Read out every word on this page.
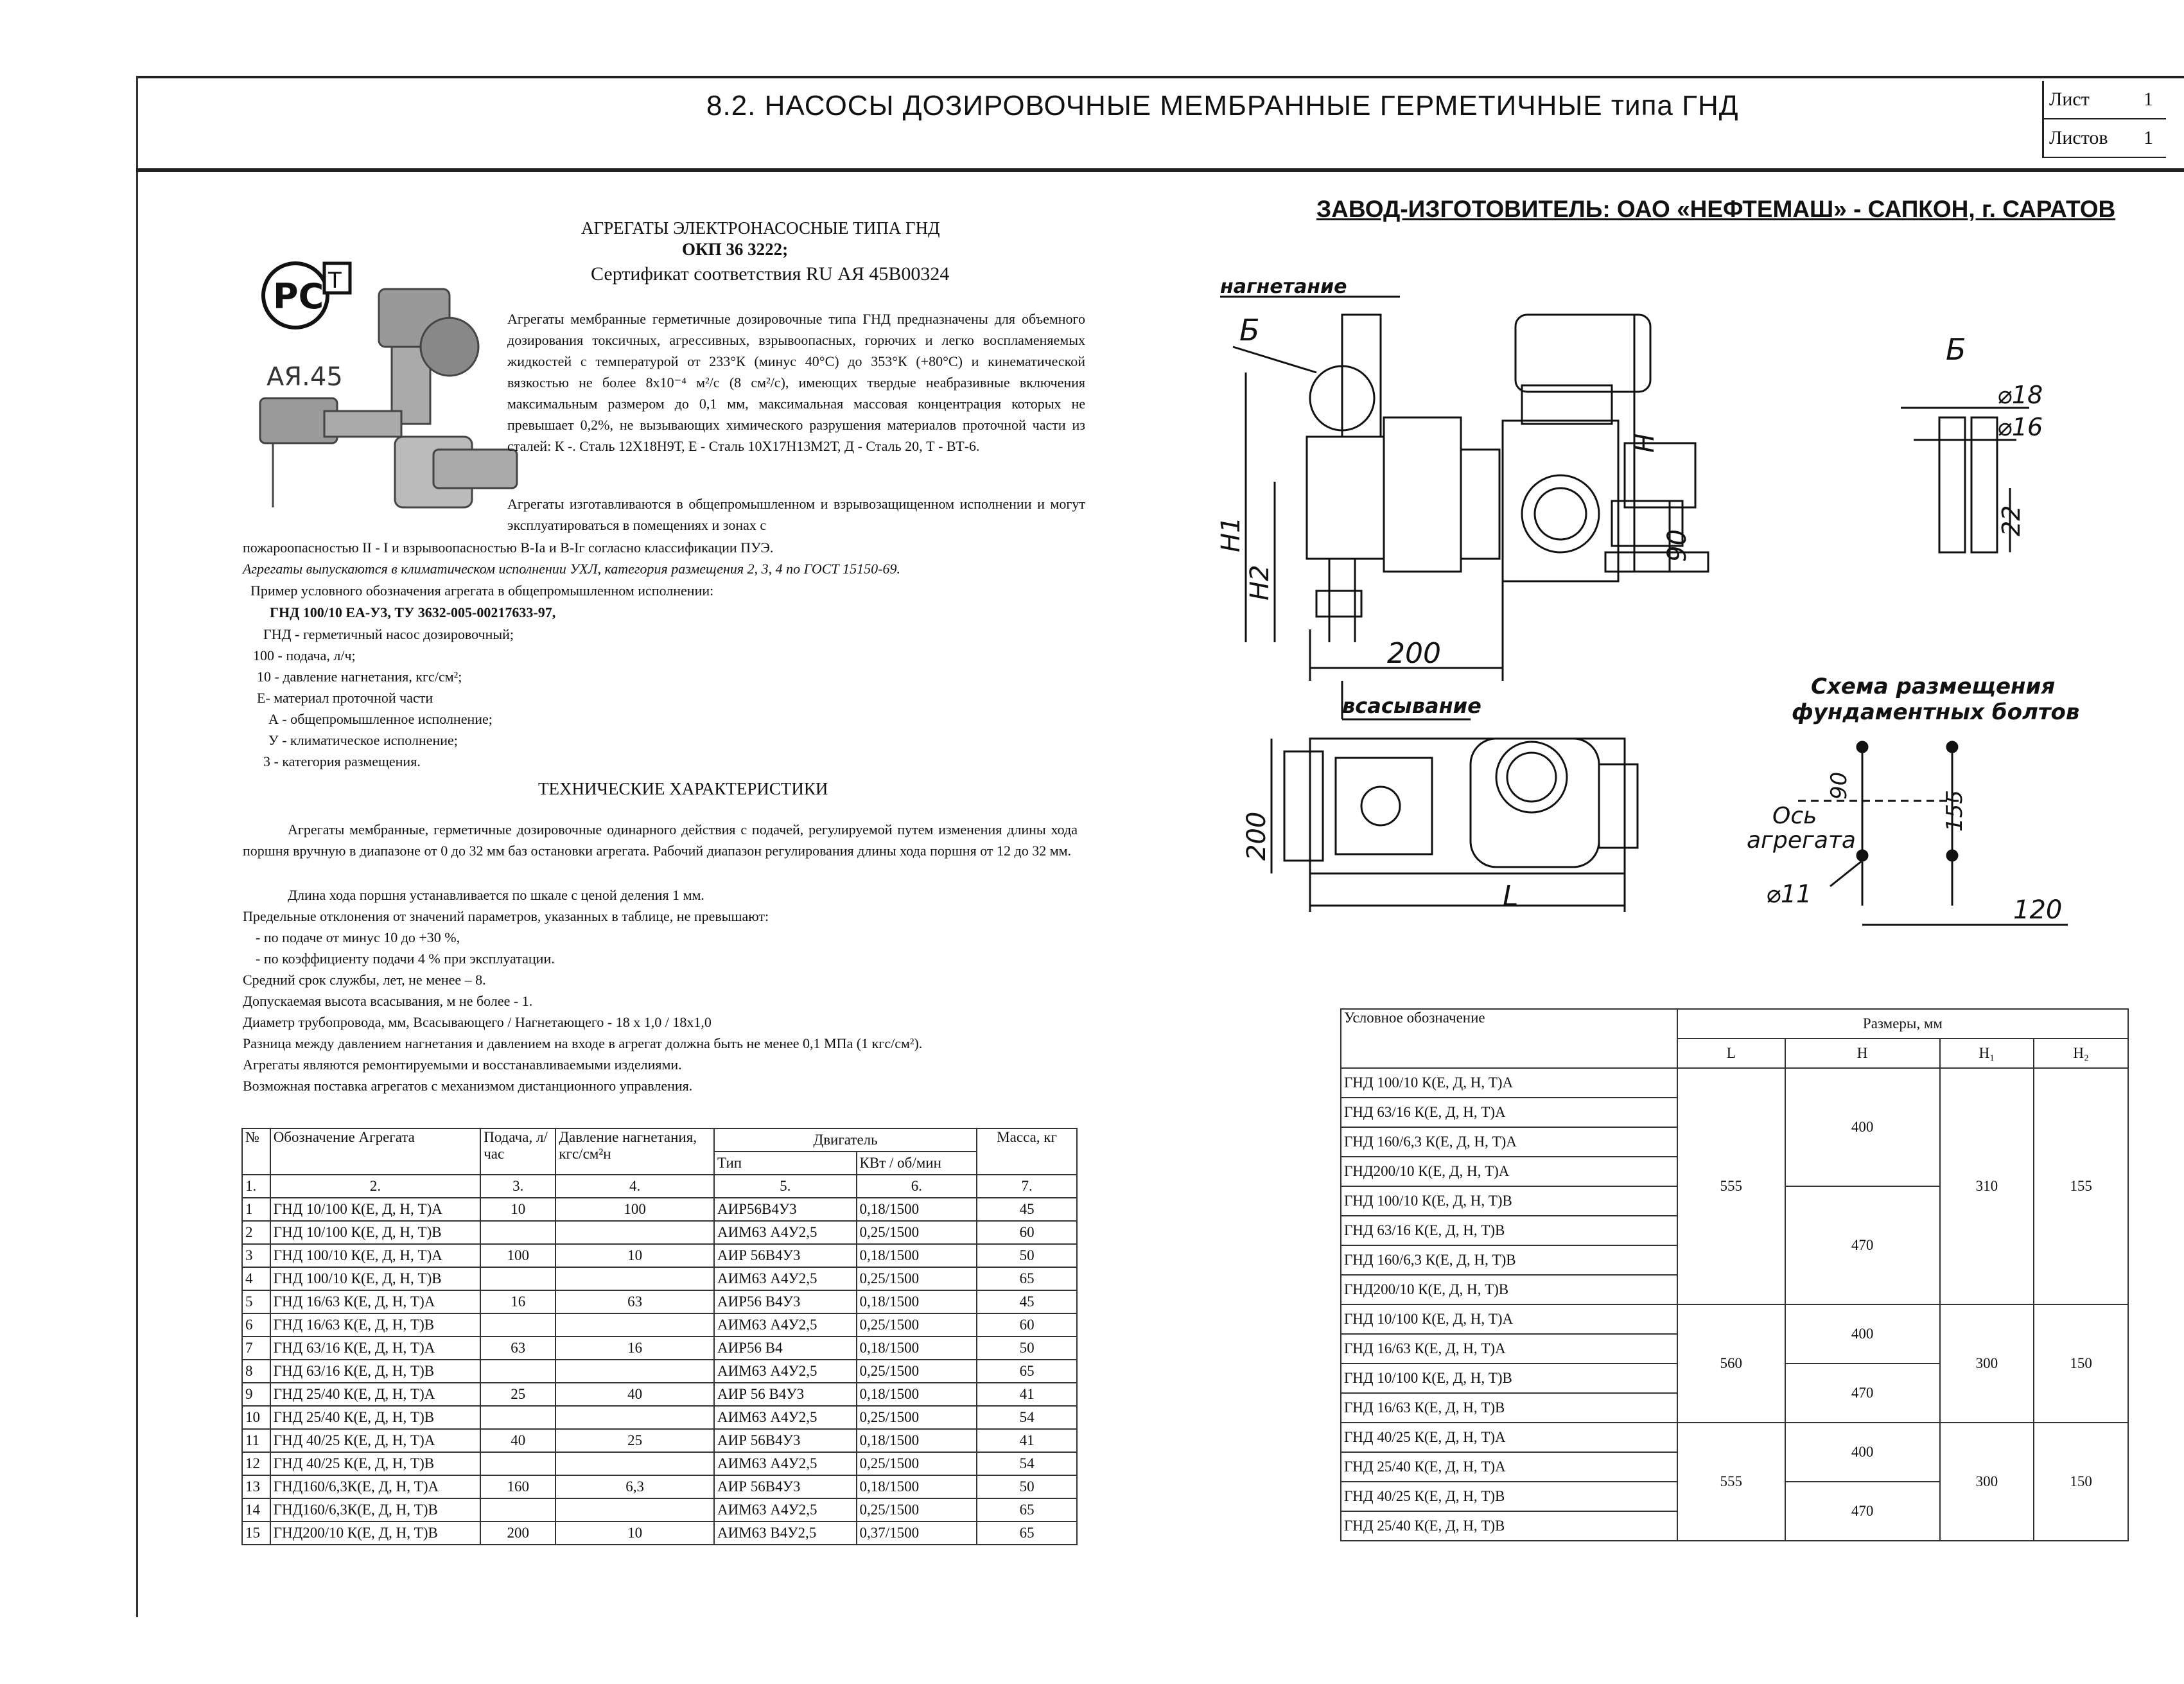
8.2. НАСОСЫ ДОЗИРОВОЧНЫЕ МЕМБРАННЫЕ ГЕРМЕТИЧНЫЕ типа ГНД	Лист	1
Листов 1
ЗАВОД-ИЗГОТОВИТЕЛЬ: ОАО «НЕФТЕМАШ» - САПКОН, г. САРАТОВ
PC T
AЯ.45
АГРЕГАТЫ ЭЛЕКТРОНАСОСНЫЕ ТИПА ГНД
ОКП 36 3222;
Сертификат соответствия RU АЯ 45В00324
Агрегаты мембранные герметичные дозировочные типа ГНД предназначены для объемного дозирования токсичных, агрессивных, взрывоопасных, горючих и легко воспламеняемых жидкостей с температурой от 233°К (минус 40°С) до 353°К (+80°С) и кинематической вязкостью не более 8х10⁻⁴ м²/с (8 см²/с), имеющих твердые неабразивные включения максимальным размером до 0,1 мм, максимальная массовая концентрация которых не превышает 0,2%, не вызывающих химического разрушения материалов проточной части из сталей: К -. Сталь 12Х18Н9Т, Е - Сталь 10Х17Н13М2Т, Д - Сталь 20, Т - ВТ-6.
Агрегаты изготавливаются в общепромышленном и взрывозащищенном исполнении и могут эксплуатироваться в помещениях и зонах с
пожароопасностью II - I и взрывоопасностью В-Iа и В-Iг согласно классификации ПУЭ.
Агрегаты выпускаются в климатическом исполнении УХЛ, категория размещения 2, 3, 4 по ГОСТ 15150-69.
Пример условного обозначения агрегата в общепромышленном исполнении:
ГНД 100/10 ЕА-У3, ТУ 3632-005-00217633-97,
ГНД - герметичный насос дозировочный;
100 - подача, л/ч;
10 - давление нагнетания, кгс/см²;
Е- материал проточной части
А - общепромышленное исполнение;
У - климатическое исполнение;
3 - категория размещения.
ТЕХНИЧЕСКИЕ ХАРАКТЕРИСТИКИ
Агрегаты мембранные, герметичные дозировочные одинарного действия с подачей, регулируемой путем изменения длины хода поршня вручную в диапазоне от 0 до 32 мм баз остановки агрегата. Рабочий диапазон регулирования длины хода поршня от 12 до 32 мм.
Длина хода поршня устанавливается по шкале с ценой деления 1 мм.
Предельные отклонения от значений параметров, указанных в таблице, не превышают:
- по подаче от минус 10 до +30 %,
- по коэффициенту подачи 4 % при эксплуатации.
Средний срок службы, лет, не менее – 8.
Допускаемая высота всасывания, м не более - 1.
Диаметр трубопровода, мм, Всасывающего / Нагнетающего - 18 х 1,0 / 18х1,0
Разница между давлением нагнетания и давлением на входе в агрегат должна быть не менее 0,1 МПа (1 кгс/см²).
Агрегаты являются ремонтируемыми и восстанавливаемыми изделиями.
Возможная поставка агрегатов с механизмом дистанционного управления.
№	Обозначение Агрегата	Подача, л/час	Давление нагнетания, кгс/см²н	Двигатель		Масса, кг
				Тип	КВт / об/мин	
1.	2.	3.	4.	5.	6.	7.
1	ГНД 10/100 К(Е, Д, Н, Т)А	10	100	АИР56В4У3	0,18/1500	45
2	ГНД 10/100 К(Е, Д, Н, Т)В			АИМ63 А4У2,5	0,25/1500	60
3	ГНД 100/10 К(Е, Д, Н, Т)А	100	10	АИР 56В4У3	0,18/1500	50
4	ГНД 100/10 К(Е, Д, Н, Т)В			АИМ63 А4У2,5	0,25/1500	65
5	ГНД 16/63 К(Е, Д, Н, Т)А	16	63	АИР56 В4У3	0,18/1500	45
6	ГНД 16/63 К(Е, Д, Н, Т)В			АИМ63 А4У2,5	0,25/1500	60
7	ГНД 63/16 К(Е, Д, Н, Т)А	63	16	АИР56 В4	0,18/1500	50
8	ГНД 63/16 К(Е, Д, Н, Т)В			АИМ63 А4У2,5	0,25/1500	65
9	ГНД 25/40 К(Е, Д, Н, Т)А	25	40	АИР 56 В4У3	0,18/1500	41
10	ГНД 25/40 К(Е, Д, Н, Т)В			АИМ63 А4У2,5	0,25/1500	54
11	ГНД 40/25 К(Е, Д, Н, Т)А	40	25	АИР 56В4У3	0,18/1500	41
12	ГНД 40/25 К(Е, Д, Н, Т)В			АИМ63 А4У2,5	0,25/1500	54
13	ГНД160/6,3К(Е, Д, Н, Т)А	160	6,3	АИР 56В4У3	0,18/1500	50
14	ГНД160/6,3К(Е, Д, Н, Т)В			АИМ63 А4У2,5	0,25/1500	65
15	ГНД200/10 К(Е, Д, Н, Т)В	200	10	АИМ63 В4У2,5	0,37/1500	65
Условное обозначение	Размеры, мм			
	L	H	H₁	H₂
ГНД 100/10 К(Е, Д, Н, Т)А	555	400	310	155
ГНД 63/16 К(Е, Д, Н, Т)А				
ГНД 160/6,3 К(Е, Д, Н, Т)А				
ГНД200/10 К(Е, Д, Н, Т)А				
ГНД 100/10 К(Е, Д, Н, Т)В		470		
ГНД 63/16 К(Е, Д, Н, Т)В				
ГНД 160/6,3 К(Е, Д, Н, Т)В				
ГНД200/10 К(Е, Д, Н, Т)В				
ГНД 10/100 К(Е, Д, Н, Т)А	560	400	300	150
ГНД 16/63 К(Е, Д, Н, Т)А				
ГНД 10/100 К(Е, Д, Н, Т)В		470		
ГНД 16/63 К(Е, Д, Н, Т)В				
ГНД 40/25 К(Е, Д, Н, Т)А	555	400	300	150
ГНД 25/40 К(Е, Д, Н, Т)А				
ГНД 40/25 К(Е, Д, Н, Т)В		470		
ГНД 25/40 К(Е, Д, Н, Т)В				
нагнетание
Б
H1
H2
H
90
200
всасывание
200
L
Б
⌀18
⌀16
22
Схема размещения
фундаментных болтов
Ось
агрегата
⌀11
90
155
120
